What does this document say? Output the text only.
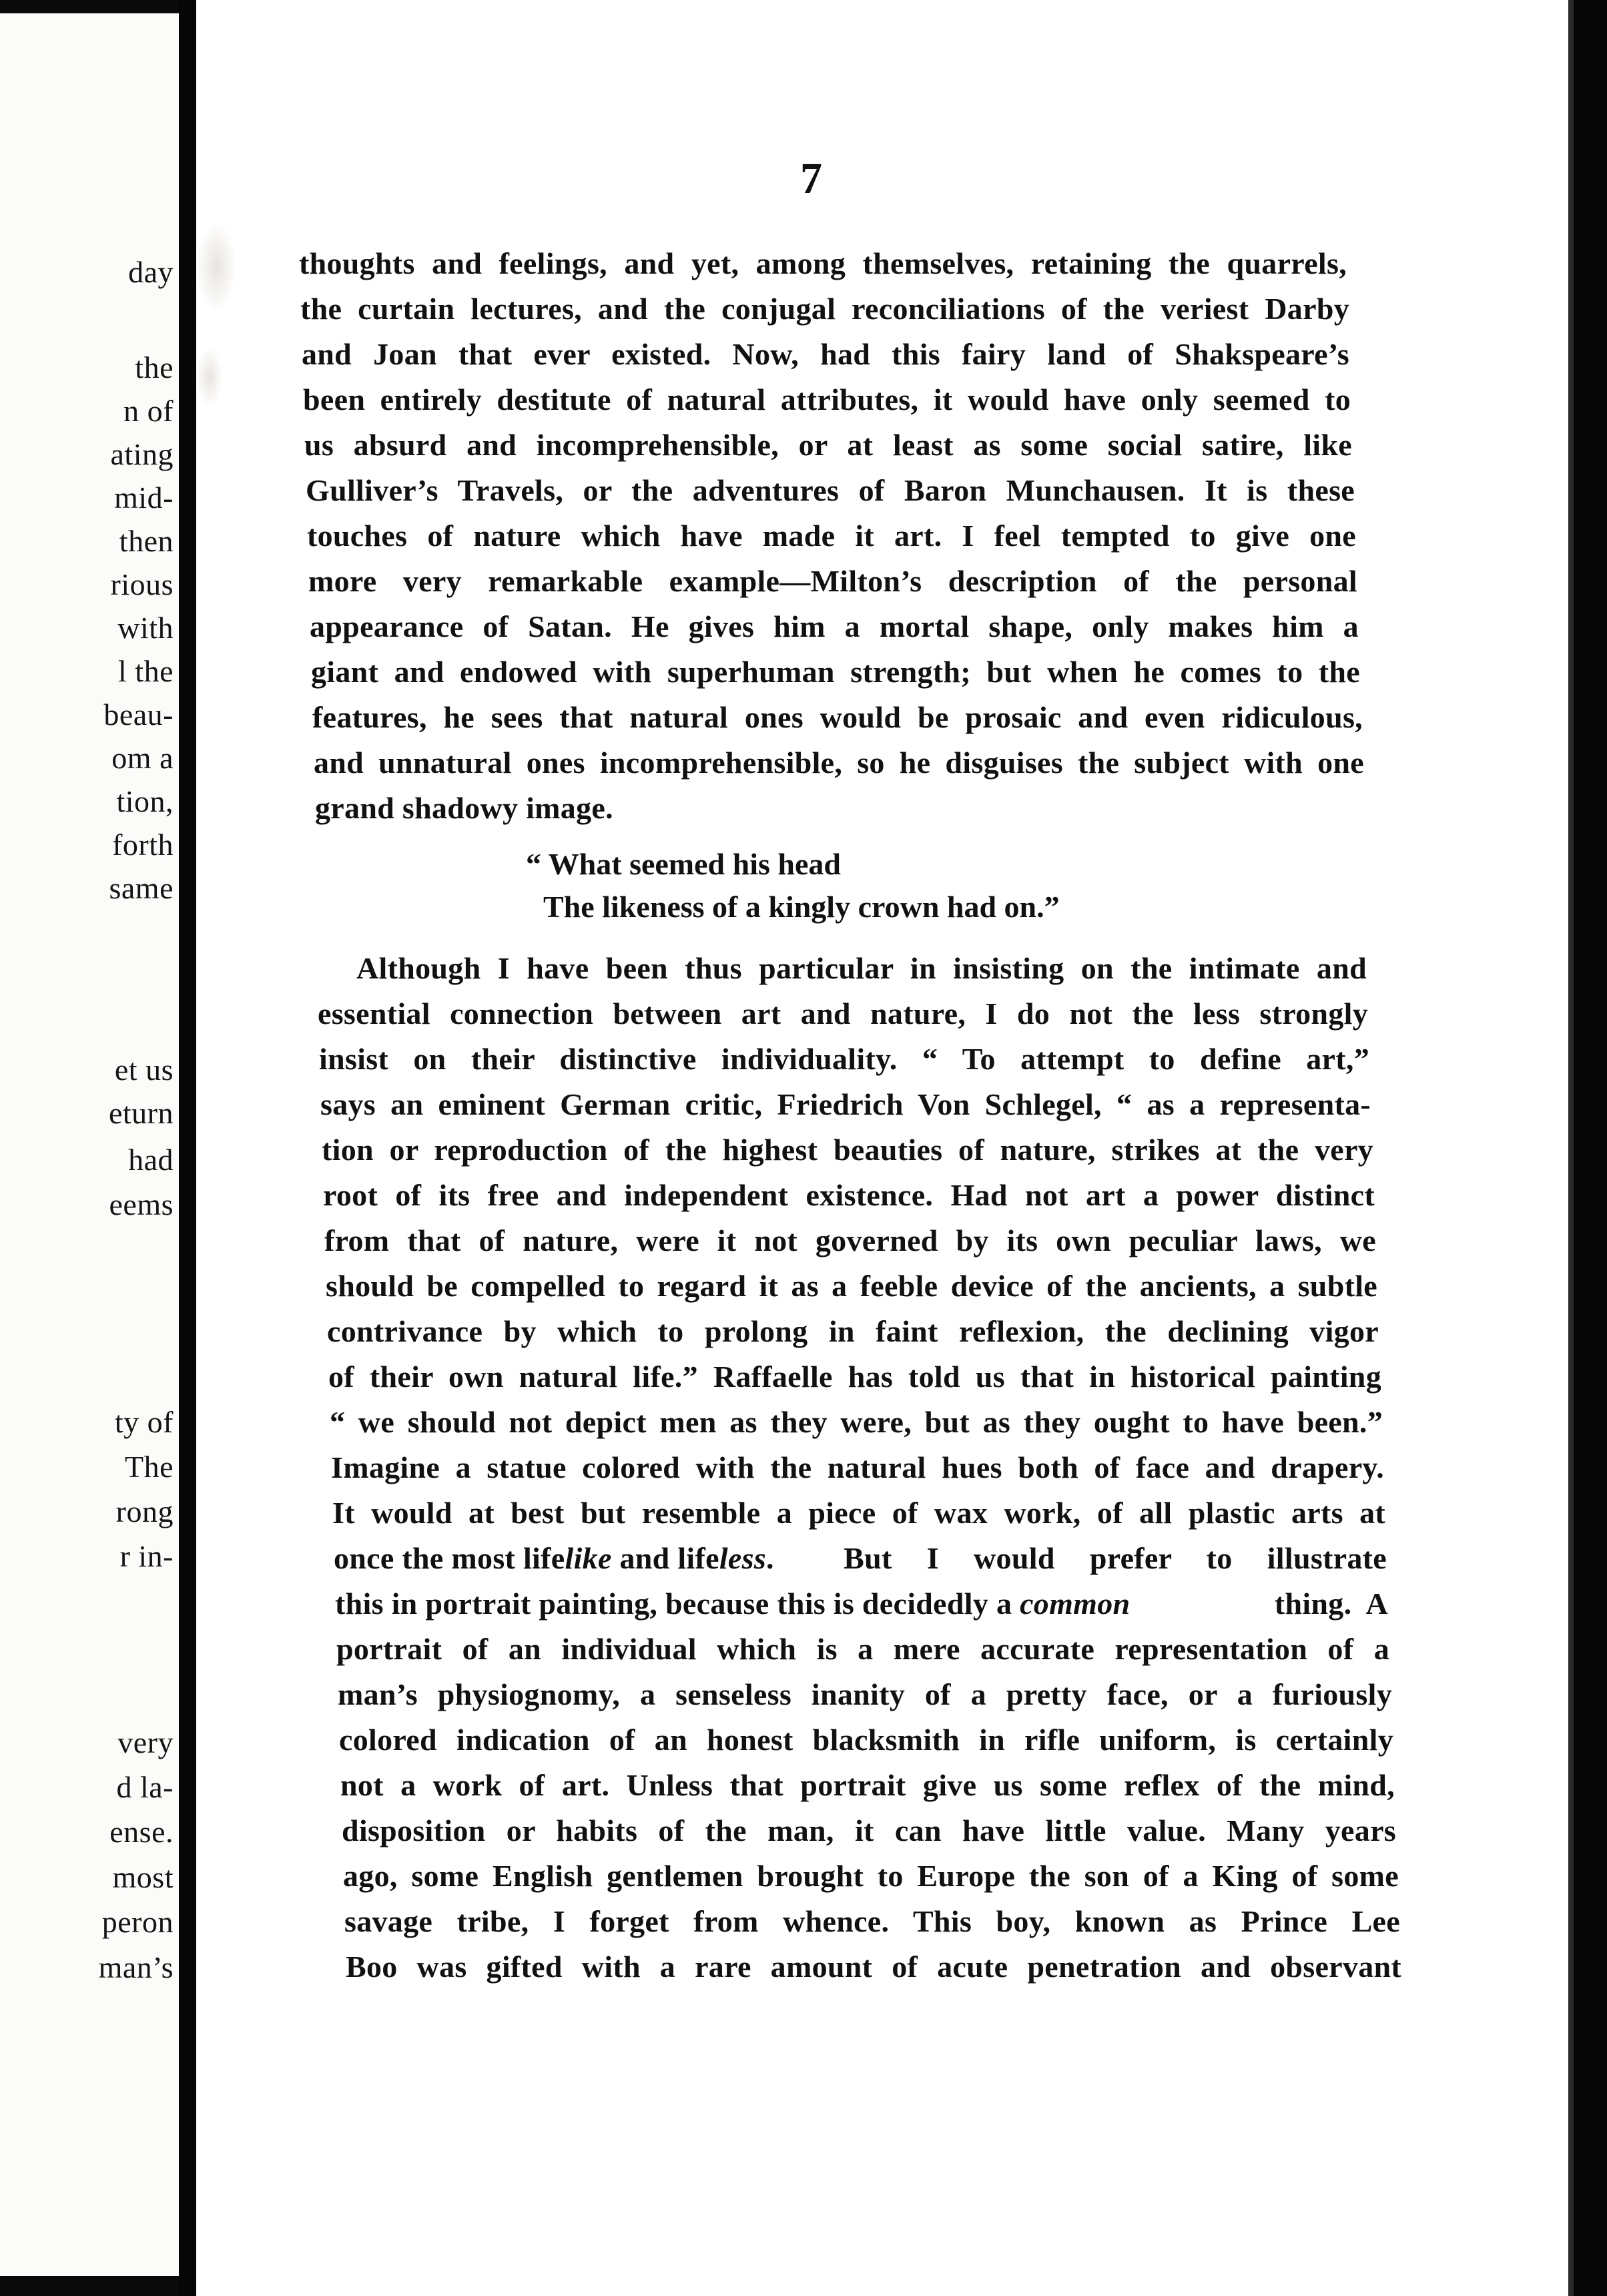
day
the
n of
ating
mid-
then
rious
with
l the
beau-
om a
tion,
forth
same
et us
eturn
had
eems
ty of
The
rong
r in-
very
d la-
ense.
most
peron
man’s
7
thoughts and feelings, and yet, among themselves, retaining the quarrels,
the curtain lectures, and the conjugal reconciliations of the veriest Darby
and Joan that ever existed. Now, had this fairy land of Shakspeare’s
been entirely destitute of natural attributes, it would have only seemed to
us absurd and incomprehensible, or at least as some social satire, like
Gulliver’s Travels, or the adventures of Baron Munchausen. It is these
touches of nature which have made it art. I feel tempted to give one
more very remarkable example—Milton’s description of the personal
appearance of Satan. He gives him a mortal shape, only makes him a
giant and endowed with superhuman strength; but when he comes to the
features, he sees that natural ones would be prosaic and even ridiculous,
and unnatural ones incomprehensible, so he disguises the subject with one
grand shadowy image.
“ What seemed his head
The likeness of a kingly crown had on.”
Although I have been thus particular in insisting on the intimate and
essential connection between art and nature, I do not the less strongly
insist on their distinctive individuality. “ To attempt to define art,”
says an eminent German critic, Friedrich Von Schlegel, “ as a representa-
tion or reproduction of the highest beauties of nature, strikes at the very
root of its free and independent existence. Had not art a power distinct
from that of nature, were it not governed by its own peculiar laws, we
should be compelled to regard it as a feeble device of the ancients, a subtle
contrivance by which to prolong in faint reflexion, the declining vigor
of their own natural life.” Raffaelle has told us that in historical painting
“ we should not depict men as they were, but as they ought to have been.”
Imagine a statue colored with the natural hues both of face and drapery.
It would at best but resemble a piece of wax work, of all plastic arts at
once the most life like and life less .  But I would prefer to illustrate
this in portrait painting, because this is decidedly a common	thing.  A
portrait of an individual which is a mere accurate representation of a
man’s physiognomy, a senseless inanity of a pretty face, or a furiously
colored indication of an honest blacksmith in rifle uniform, is certainly
not a work of art. Unless that portrait give us some reflex of the mind,
disposition or habits of the man, it can have little value. Many years
ago, some English gentlemen brought to Europe the son of a King of some
savage tribe, I forget from whence. This boy, known as Prince Lee
Boo was gifted with a rare amount of acute penetration and observant
